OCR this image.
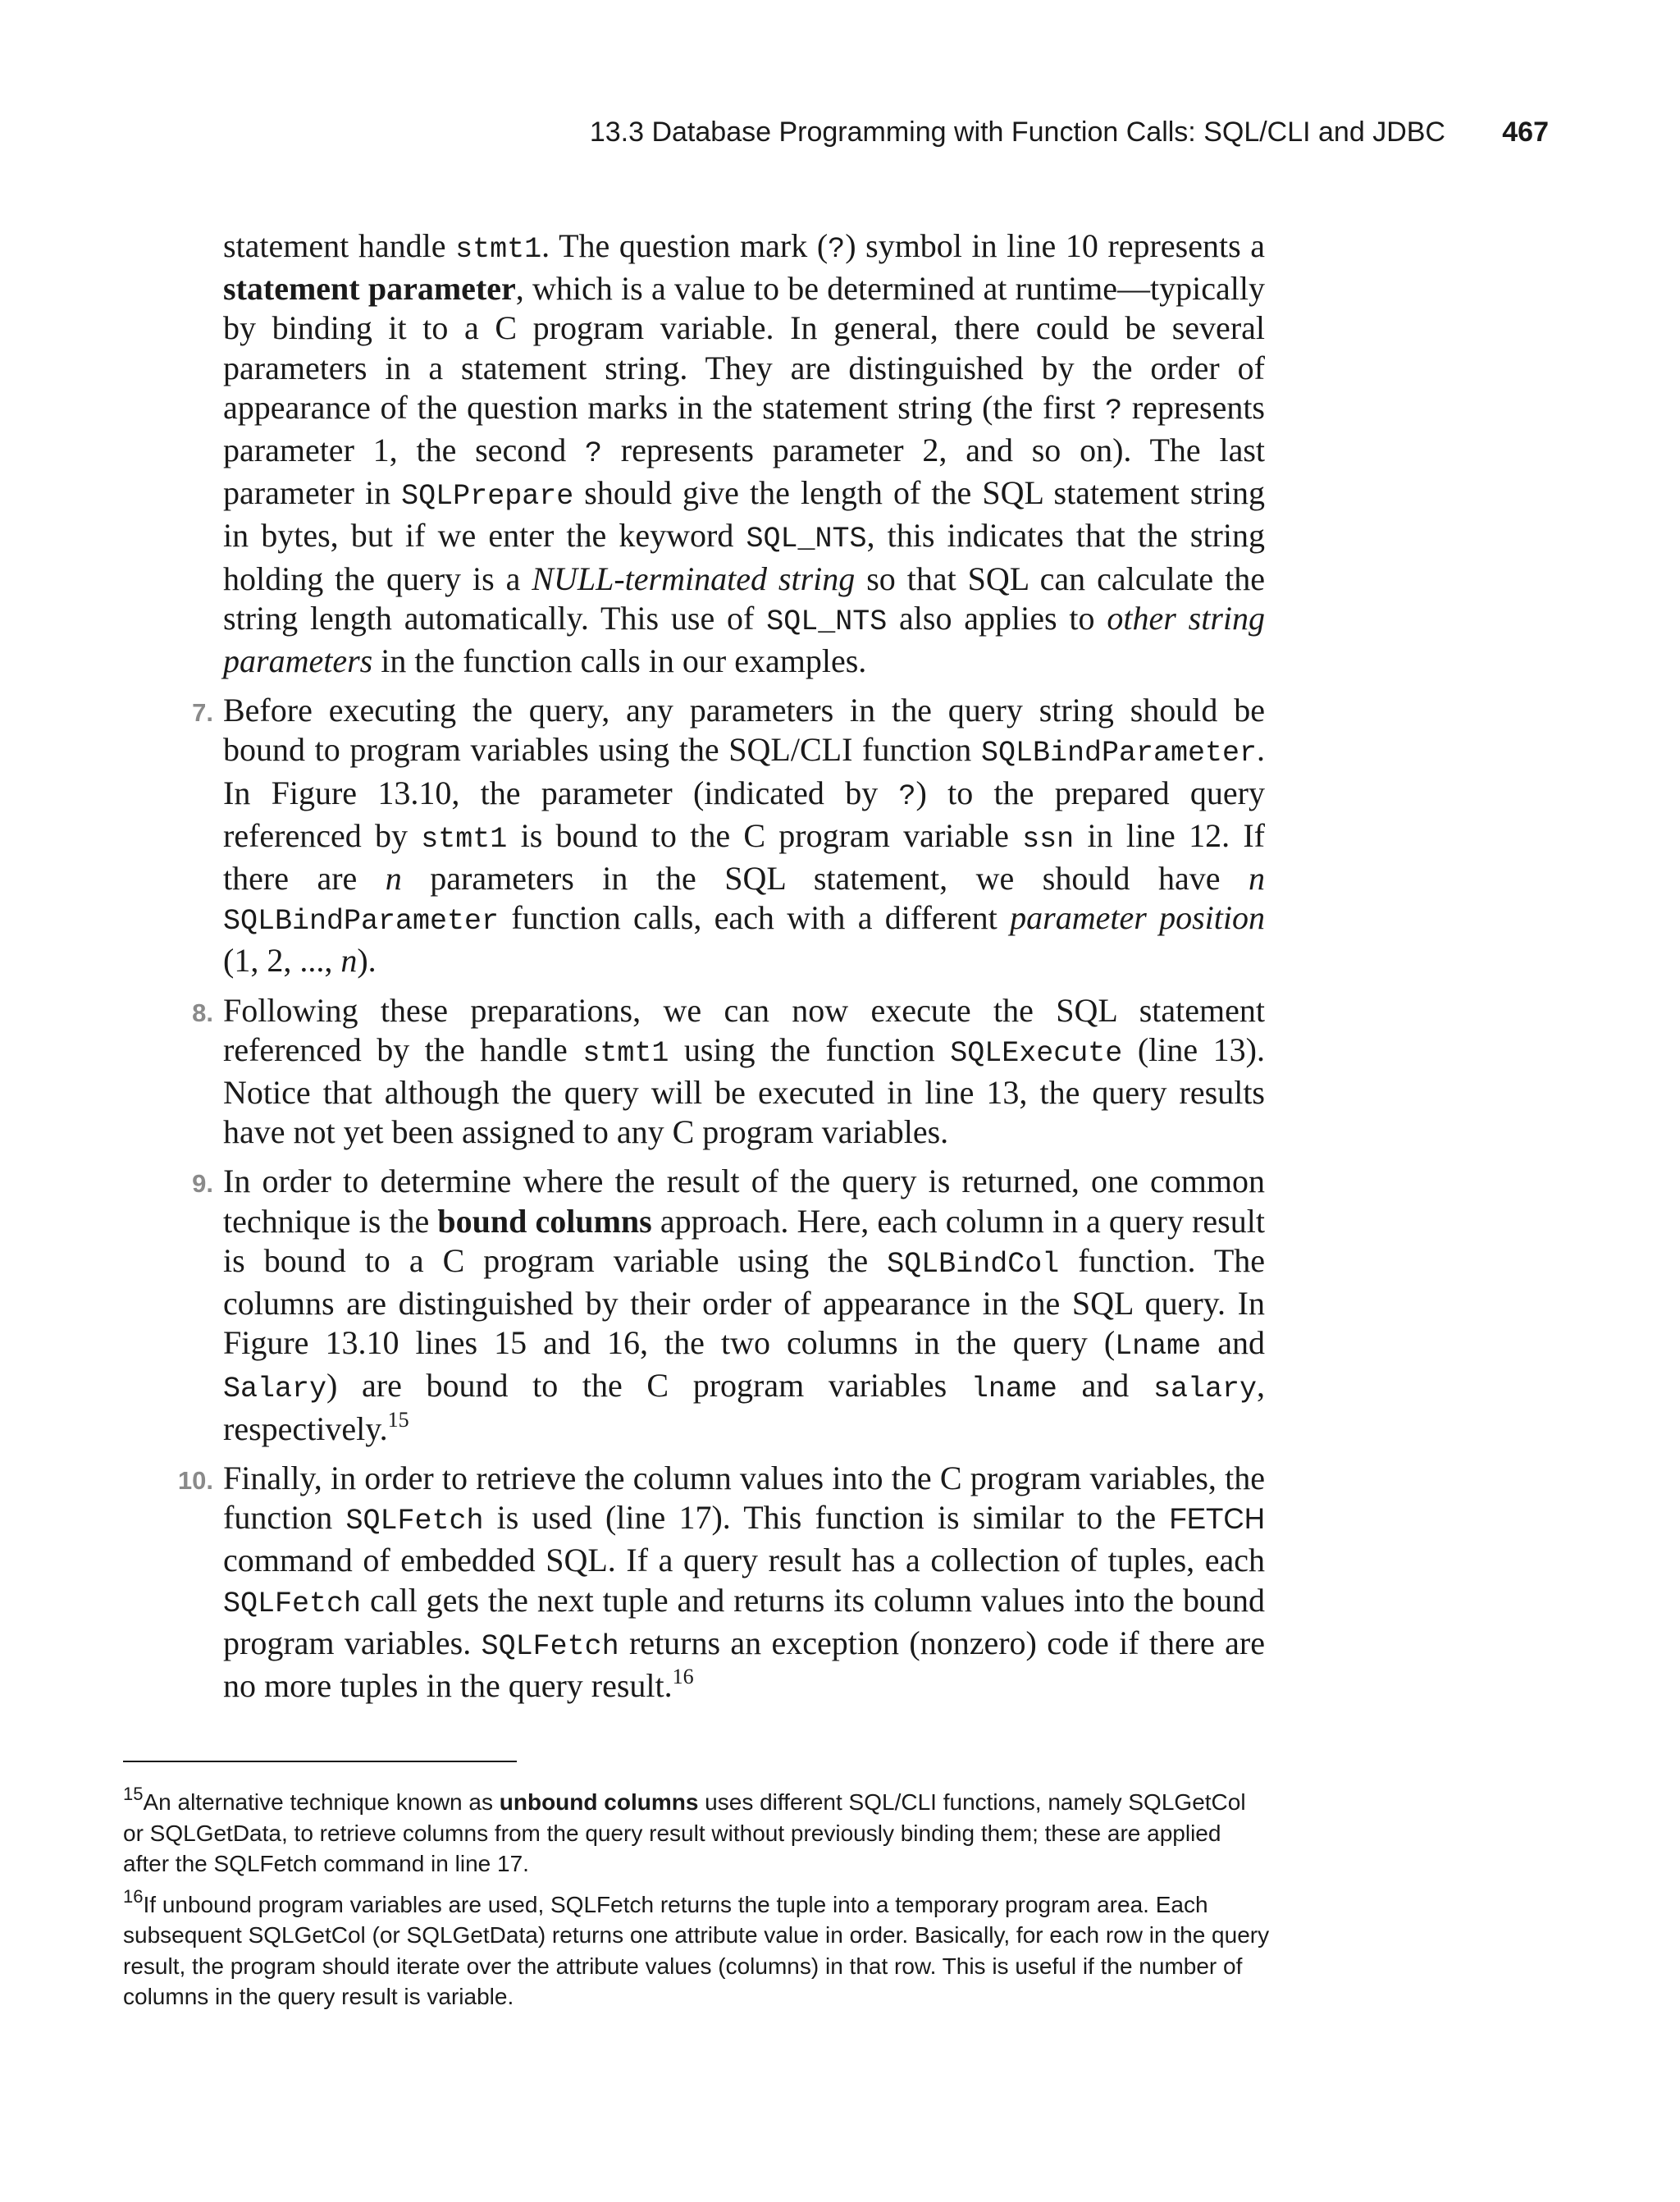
13.3 Database Programming with Function Calls: SQL/CLI and JDBC 467

statement handle stmt1. The question mark (?) symbol in line 10 represents a statement parameter, which is a value to be determined at runtime—typically by binding it to a C program variable. In general, there could be several parameters in a statement string. They are distinguished by the order of appearance of the question marks in the statement string (the first ? represents parameter 1, the second ? represents parameter 2, and so on). The last parameter in SQLPrepare should give the length of the SQL statement string in bytes, but if we enter the keyword SQL_NTS, this indicates that the string holding the query is a NULL-terminated string so that SQL can calculate the string length automatically. This use of SQL_NTS also applies to other string parameters in the function calls in our examples.

7. Before executing the query, any parameters in the query string should be bound to program variables using the SQL/CLI function SQLBindParameter. In Figure 13.10, the parameter (indicated by ?) to the prepared query referenced by stmt1 is bound to the C program variable ssn in line 12. If there are n parameters in the SQL statement, we should have n SQLBindParameter function calls, each with a different parameter position (1, 2, ..., n).

8. Following these preparations, we can now execute the SQL statement referenced by the handle stmt1 using the function SQLExecute (line 13). Notice that although the query will be executed in line 13, the query results have not yet been assigned to any C program variables.

9. In order to determine where the result of the query is returned, one common technique is the bound columns approach. Here, each column in a query result is bound to a C program variable using the SQLBindCol function. The columns are distinguished by their order of appearance in the SQL query. In Figure 13.10 lines 15 and 16, the two columns in the query (Lname and Salary) are bound to the C program variables lname and salary, respectively.$^{15}$

10. Finally, in order to retrieve the column values into the C program variables, the function SQLFetch is used (line 17). This function is similar to the FETCH command of embedded SQL. If a query result has a collection of tuples, each SQLFetch call gets the next tuple and returns its column values into the bound program variables. SQLFetch returns an exception (nonzero) code if there are no more tuples in the query result.$^{16}$

$^{15}$An alternative technique known as unbound columns uses different SQL/CLI functions, namely SQLGetCol or SQLGetData, to retrieve columns from the query result without previously binding them; these are applied after the SQLFetch command in line 17.

$^{16}$If unbound program variables are used, SQLFetch returns the tuple into a temporary program area. Each subsequent SQLGetCol (or SQLGetData) returns one attribute value in order. Basically, for each row in the query result, the program should iterate over the attribute values (columns) in that row. This is useful if the number of columns in the query result is variable.
